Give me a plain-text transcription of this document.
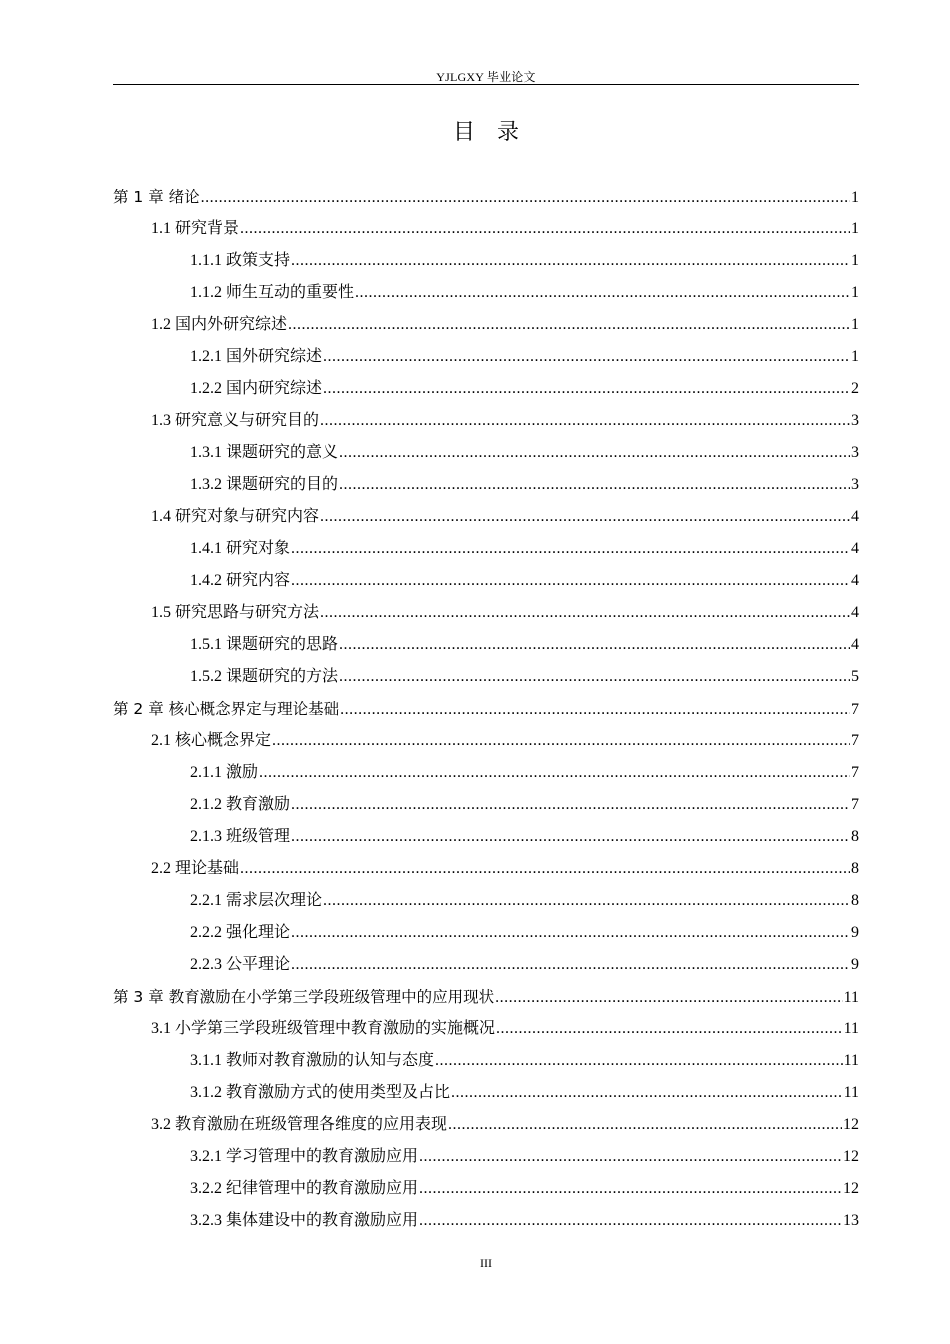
YJLGXY 毕业论文
目录
第 1 章 绪论 .....	1
1.1 研究背景 .....	1
1.1.1 政策支持 .....	1
1.1.2 师生互动的重要性 .....	1
1.2 国内外研究综述 .....	1
1.2.1 国外研究综述 .....	1
1.2.2 国内研究综述 .....	2
1.3 研究意义与研究目的 .....	3
1.3.1 课题研究的意义 .....	3
1.3.2 课题研究的目的 .....	3
1.4 研究对象与研究内容 .....	4
1.4.1 研究对象 .....	4
1.4.2 研究内容 .....	4
1.5 研究思路与研究方法 .....	4
1.5.1 课题研究的思路 .....	4
1.5.2 课题研究的方法 .....	5
第 2 章 核心概念界定与理论基础 .....	7
2.1 核心概念界定 .....	7
2.1.1 激励 .....	7
2.1.2 教育激励 .....	7
2.1.3 班级管理 .....	8
2.2 理论基础 .....	8
2.2.1 需求层次理论 .....	8
2.2.2 强化理论 .....	9
2.2.3 公平理论 .....	9
第 3 章 教育激励在小学第三学段班级管理中的应用现状 .....	11
3.1 小学第三学段班级管理中教育激励的实施概况 .....	11
3.1.1 教师对教育激励的认知与态度 .....	11
3.1.2 教育激励方式的使用类型及占比 .....	11
3.2 教育激励在班级管理各维度的应用表现 .....	12
3.2.1 学习管理中的教育激励应用 .....	12
3.2.2 纪律管理中的教育激励应用 .....	12
3.2.3 集体建设中的教育激励应用 .....	13
III
